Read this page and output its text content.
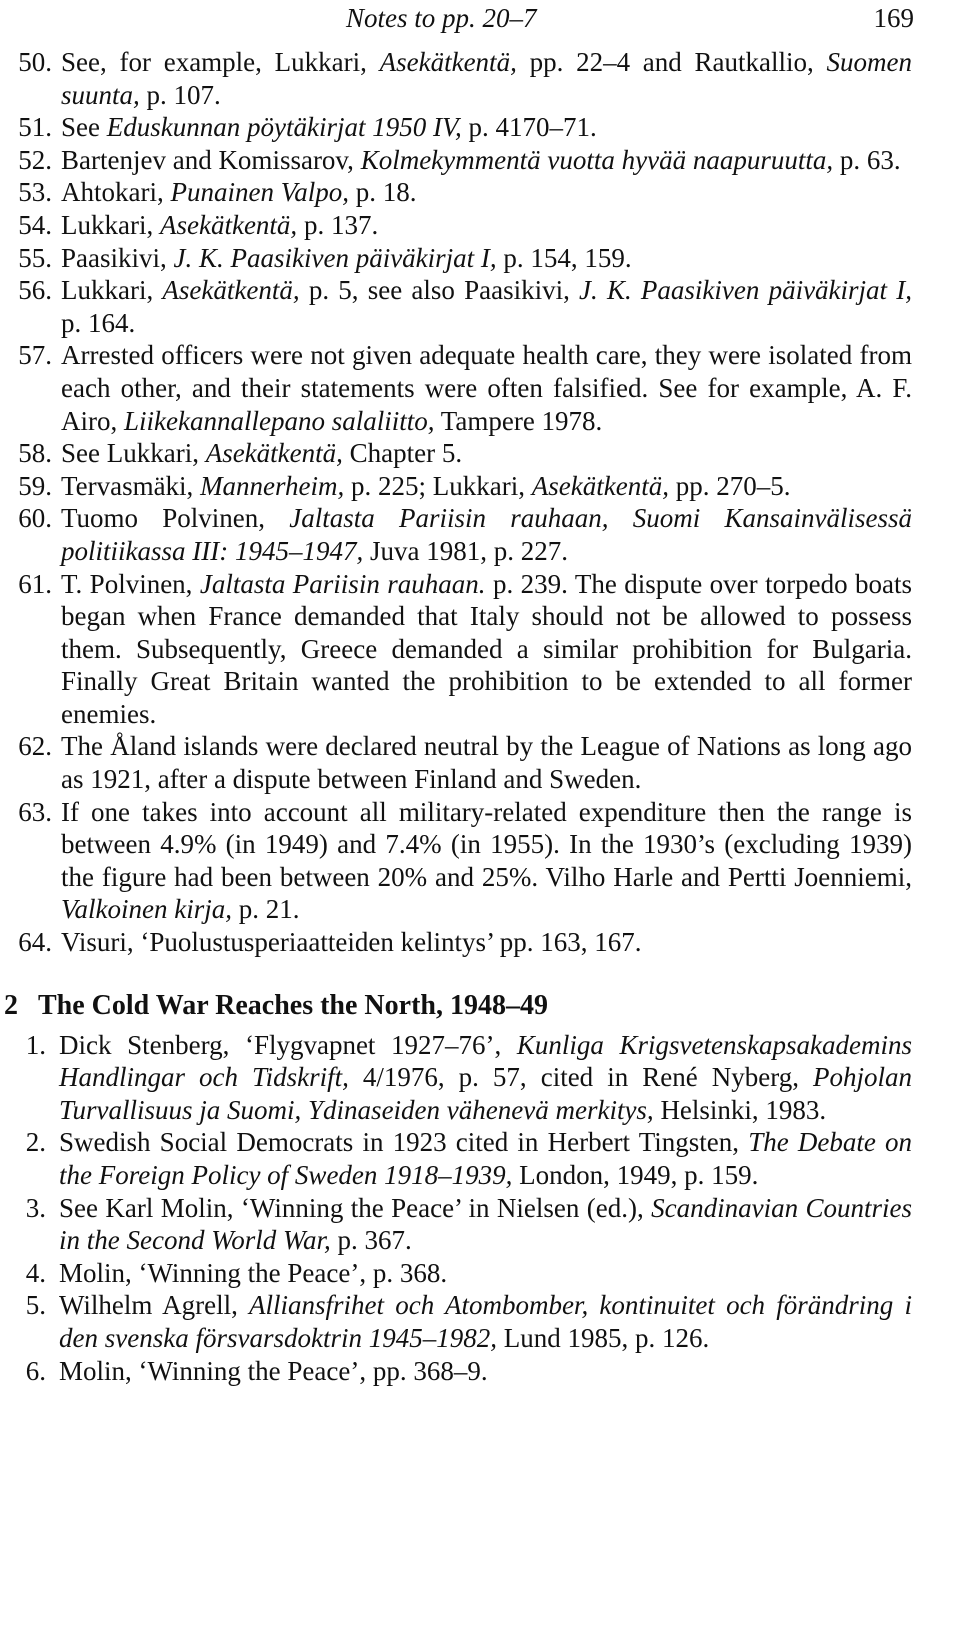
Notes to pp. 20–7	169
50. See, for example, Lukkari, Asekätkentä, pp. 22–4 and Rautkallio, Suomen suunta, p. 107.
51. See Eduskunnan pöytäkirjat 1950 IV, p. 4170–71.
52. Bartenjev and Komissarov, Kolmekymmentä vuotta hyvää naapuruutta, p. 63.
53. Ahtokari, Punainen Valpo, p. 18.
54. Lukkari, Asekätkentä, p. 137.
55. Paasikivi, J. K. Paasikiven päiväkirjat I, p. 154, 159.
56. Lukkari, Asekätkentä, p. 5, see also Paasikivi, J. K. Paasikiven päiväkirjat I, p. 164.
57. Arrested officers were not given adequate health care, they were isolated from each other, and their statements were often falsified. See for example, A. F. Airo, Liikekannallepano salaliitto, Tampere 1978.
58. See Lukkari, Asekätkentä, Chapter 5.
59. Tervasmäki, Mannerheim, p. 225; Lukkari, Asekätkentä, pp. 270–5.
60. Tuomo Polvinen, Jaltasta Pariisin rauhaan, Suomi Kansainvälisessä politiikassa III: 1945–1947, Juva 1981, p. 227.
61. T. Polvinen, Jaltasta Pariisin rauhaan. p. 239. The dispute over torpedo boats began when France demanded that Italy should not be allowed to possess them. Subsequently, Greece demanded a similar prohibition for Bulgaria. Finally Great Britain wanted the prohibition to be extended to all former enemies.
62. The Åland islands were declared neutral by the League of Nations as long ago as 1921, after a dispute between Finland and Sweden.
63. If one takes into account all military-related expenditure then the range is between 4.9% (in 1949) and 7.4% (in 1955). In the 1930’s (excluding 1939) the figure had been between 20% and 25%. Vilho Harle and Pertti Joenniemi, Valkoinen kirja, p. 21.
64. Visuri, ‘Puolustusperiaatteiden kelintys’ pp. 163, 167.
2 The Cold War Reaches the North, 1948–49
1. Dick Stenberg, ‘Flygvapnet 1927–76’, Kunliga Krigsvetenskapsakademins Handlingar och Tidskrift, 4/1976, p. 57, cited in René Nyberg, Pohjolan Turvallisuus ja Suomi, Ydinaseiden vähenevä merkitys, Helsinki, 1983.
2. Swedish Social Democrats in 1923 cited in Herbert Tingsten, The Debate on the Foreign Policy of Sweden 1918–1939, London, 1949, p. 159.
3. See Karl Molin, ‘Winning the Peace’ in Nielsen (ed.), Scandinavian Countries in the Second World War, p. 367.
4. Molin, ‘Winning the Peace’, p. 368.
5. Wilhelm Agrell, Alliansfrihet och Atombomber, kontinuitet och förändring i den svenska försvarsdoktrin 1945–1982, Lund 1985, p. 126.
6. Molin, ‘Winning the Peace’, pp. 368–9.
